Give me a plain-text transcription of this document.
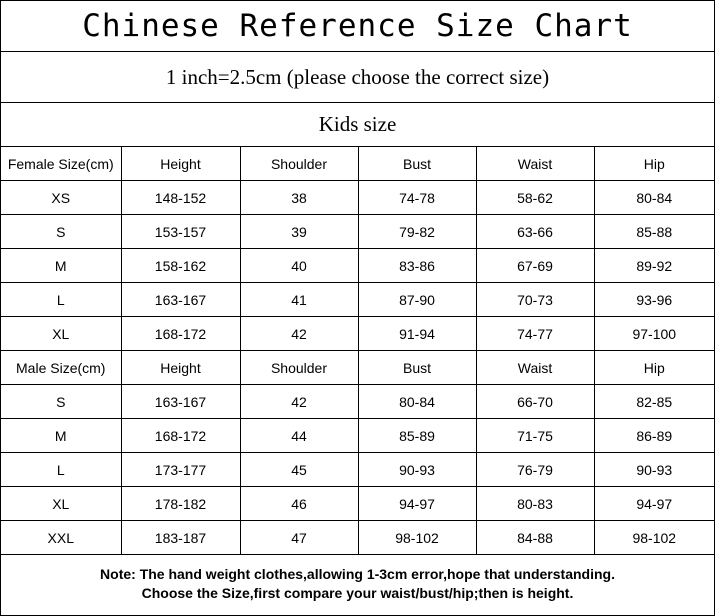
Chinese Reference Size Chart
1 inch=2.5cm (please choose the correct size)
Kids size
Female Size(cm)	Height	Shoulder	Bust	Waist	Hip
XS	148-152	38	74-78	58-62	80-84
S	153-157	39	79-82	63-66	85-88
M	158-162	40	83-86	67-69	89-92
L	163-167	41	87-90	70-73	93-96
XL	168-172	42	91-94	74-77	97-100
Male Size(cm)	Height	Shoulder	Bust	Waist	Hip
S	163-167	42	80-84	66-70	82-85
M	168-172	44	85-89	71-75	86-89
L	173-177	45	90-93	76-79	90-93
XL	178-182	46	94-97	80-83	94-97
XXL	183-187	47	98-102	84-88	98-102
Note: The hand weight clothes,allowing 1-3cm error,hope that understanding.
Choose the Size,first compare your waist/bust/hip;then is height.
